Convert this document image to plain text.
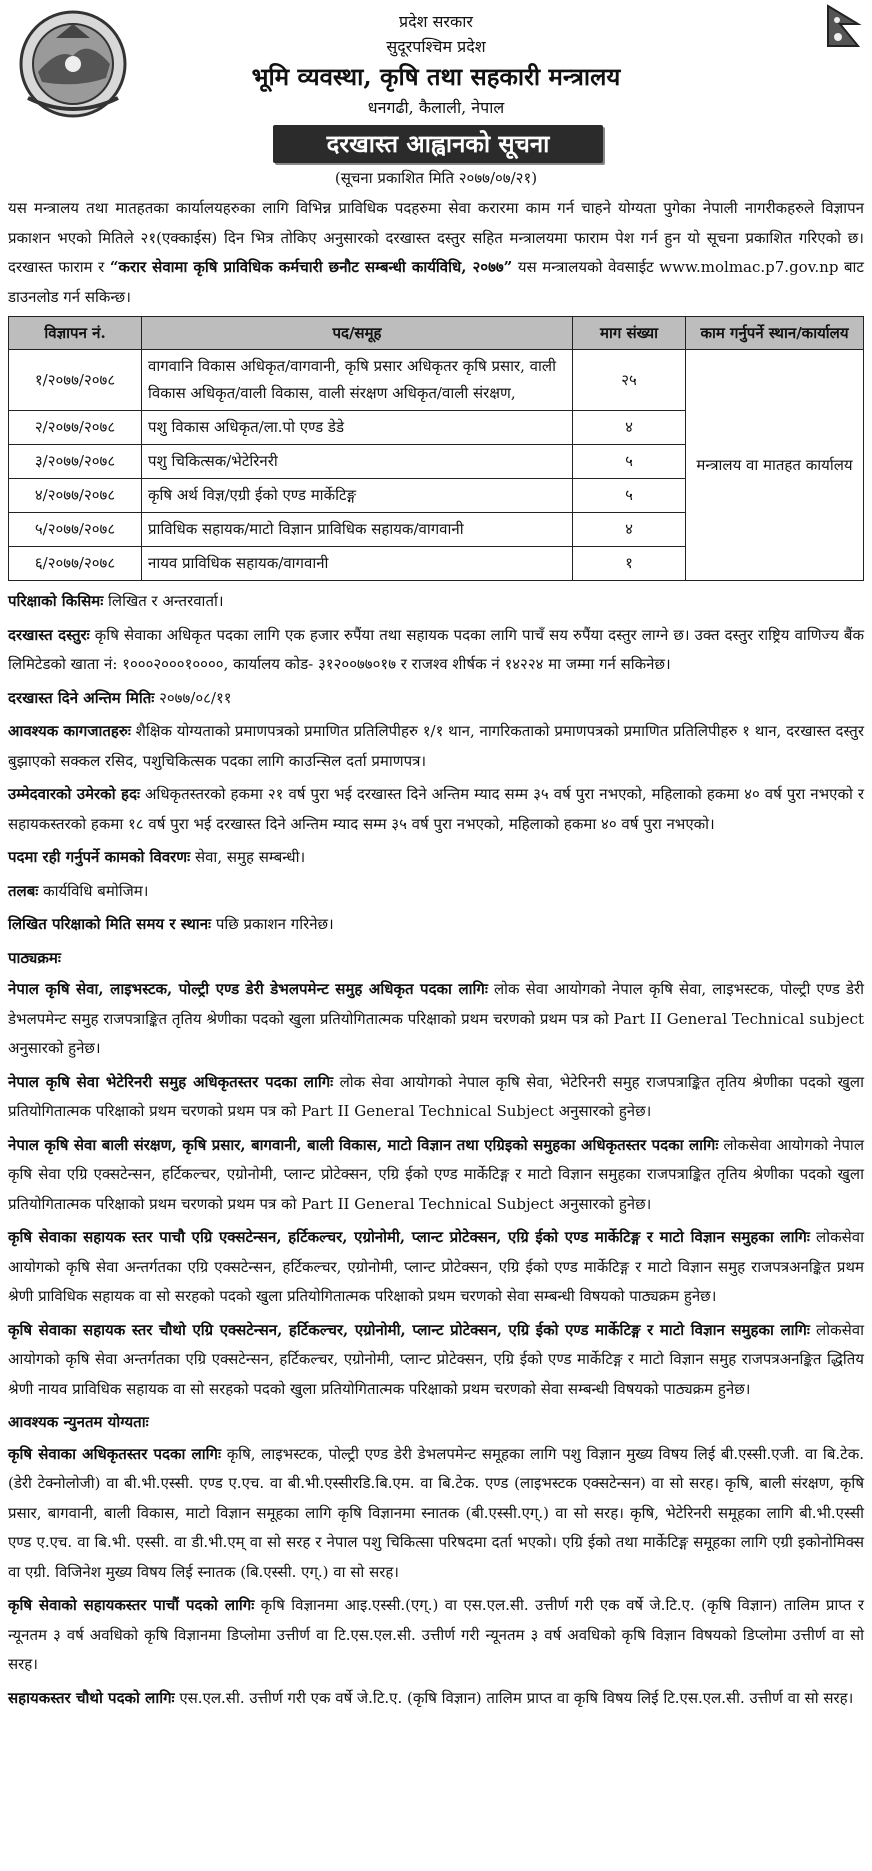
प्रदेश सरकार
सुदूरपश्चिम प्रदेश
भूमि व्यवस्था, कृषि तथा सहकारी मन्त्रालय
धनगढी, कैलाली, नेपाल
दरखास्त आह्वानको सूचना
(सूचना प्रकाशित मिति २०७७/०७/२१)

यस मन्त्रालय तथा मातहतका कार्यालयहरुका लागि विभिन्न प्राविधिक पदहरुमा सेवा करारमा काम गर्न चाहने योग्यता पुगेका नेपाली नागरीकहरुले विज्ञापन प्रकाशन भएको मितिले २१(एक्काईस) दिन भित्र तोकिए अनुसारको दरखास्त दस्तुर सहित मन्त्रालयमा फाराम पेश गर्न हुन यो सूचना प्रकाशित गरिएको छ। दरखास्त फाराम र “करार सेवामा कृषि प्राविधिक कर्मचारी छनौट सम्बन्धी कार्यविधि, २०७७” यस मन्त्रालयको वेवसाईट www.molmac.p7.gov.np बाट डाउनलोड गर्न सकिन्छ।

विज्ञापन नं.	पद/समूह	माग संख्या	काम गर्नुपर्ने स्थान/कार्यालय
१/२०७७/२०७८	वागवानि विकास अधिकृत/वागवानी, कृषि प्रसार अधिकृतर कृषि प्रसार, वाली विकास अधिकृत/वाली विकास, वाली संरक्षण अधिकृत/वाली संरक्षण,	२५	मन्त्रालय वा मातहत कार्यालय
२/२०७७/२०७८	पशु विकास अधिकृत/ला.पो एण्ड डेडे	४	
३/२०७७/२०७८	पशु चिकित्सक/भेटेरिनरी	५	
४/२०७७/२०७८	कृषि अर्थ विज्ञ/एग्री ईको एण्ड मार्केटिङ्ग	५	
५/२०७७/२०७८	प्राविधिक सहायक/माटो विज्ञान प्राविधिक सहायक/वागवानी	४	
६/२०७७/२०७८	नायव प्राविधिक सहायक/वागवानी	१	

परिक्षाको किसिमः लिखित र अन्तरवार्ता।

दरखास्त दस्तुरः कृषि सेवाका अधिकृत पदका लागि एक हजार रुपैंया तथा सहायक पदका लागि पाचँ सय रुपैंया दस्तुर लाग्ने छ। उक्त दस्तुर राष्ट्रिय वाणिज्य बैंक लिमिटेडको खाता नं: १०००२०००१००००, कार्यालय कोड- ३१२००७७०१७ र राजश्व शीर्षक नं १४२२४ मा जम्मा गर्न सकिनेछ।

दरखास्त दिने अन्तिम मितिः २०७७/०८/११

आवश्यक कागजातहरुः शैक्षिक योग्यताको प्रमाणपत्रको प्रमाणित प्रतिलिपीहरु १/१ थान, नागरिकताको प्रमाणपत्रको प्रमाणित प्रतिलिपीहरु १ थान, दरखास्त दस्तुर बुझाएको सक्कल रसिद, पशुचिकित्सक पदका लागि काउन्सिल दर्ता प्रमाणपत्र।

उम्मेदवारको उमेरको हदः अधिकृतस्तरको हकमा २१ वर्ष पुरा भई दरखास्त दिने अन्तिम म्याद सम्म ३५ वर्ष पुरा नभएको, महिलाको हकमा ४० वर्ष पुरा नभएको र सहायकस्तरको हकमा १८ वर्ष पुरा भई दरखास्त दिने अन्तिम म्याद सम्म ३५ वर्ष पुरा नभएको, महिलाको हकमा ४० वर्ष पुरा नभएको।

पदमा रही गर्नुपर्ने कामको विवरणः सेवा, समुह सम्बन्धी।

तलबः कार्यविधि बमोजिम।

लिखित परिक्षाको मिति समय र स्थानः पछि प्रकाशन गरिनेछ।

पाठ्यक्रमः

नेपाल कृषि सेवा, लाइभस्टक, पोल्ट्री एण्ड डेरी डेभलपमेन्ट समुह अधिकृत पदका लागिः लोक सेवा आयोगको नेपाल कृषि सेवा, लाइभस्टक, पोल्ट्री एण्ड डेरी डेभलपमेन्ट समुह राजपत्राङ्कित तृतिय श्रेणीका पदको खुला प्रतियोगितात्मक परिक्षाको प्रथम चरणको प्रथम पत्र को Part II General Technical subject अनुसारको हुनेछ।

नेपाल कृषि सेवा भेटेरिनरी समुह अधिकृतस्तर पदका लागिः लोक सेवा आयोगको नेपाल कृषि सेवा, भेटेरिनरी समुह राजपत्राङ्कित तृतिय श्रेणीका पदको खुला प्रतियोगितात्मक परिक्षाको प्रथम चरणको प्रथम पत्र को Part II General Technical Subject अनुसारको हुनेछ।

नेपाल कृषि सेवा बाली संरक्षण, कृषि प्रसार, बागवानी, बाली विकास, माटो विज्ञान तथा एग्रिइको समुहका अधिकृतस्तर पदका लागिः लोकसेवा आयोगको नेपाल कृषि सेवा एग्रि एक्सटेन्सन, हर्टिकल्चर, एग्रोनोमी, प्लान्ट प्रोटेक्सन, एग्रि ईको एण्ड मार्केटिङ्ग र माटो विज्ञान समुहका राजपत्राङ्कित तृतिय श्रेणीका पदको खुला प्रतियोगितात्मक परिक्षाको प्रथम चरणको प्रथम पत्र को Part II General Technical Subject अनुसारको हुनेछ।

कृषि सेवाका सहायक स्तर पाचौ एग्रि एक्सटेन्सन, हर्टिकल्चर, एग्रोनोमी, प्लान्ट प्रोटेक्सन, एग्रि ईको एण्ड मार्केटिङ्ग र माटो विज्ञान समुहका लागिः लोकसेवा आयोगको कृषि सेवा अन्तर्गतका एग्रि एक्सटेन्सन, हर्टिकल्चर, एग्रोनोमी, प्लान्ट प्रोटेक्सन, एग्रि ईको एण्ड मार्केटिङ्ग र माटो विज्ञान समुह राजपत्रअनङ्कित प्रथम श्रेणी प्राविधिक सहायक वा सो सरहको पदको खुला प्रतियोगितात्मक परिक्षाको प्रथम चरणको सेवा सम्बन्धी विषयको पाठ्यक्रम हुनेछ।

कृषि सेवाका सहायक स्तर चौथो एग्रि एक्सटेन्सन, हर्टिकल्चर, एग्रोनोमी, प्लान्ट प्रोटेक्सन, एग्रि ईको एण्ड मार्केटिङ्ग र माटो विज्ञान समुहका लागिः लोकसेवा आयोगको कृषि सेवा अन्तर्गतका एग्रि एक्सटेन्सन, हर्टिकल्चर, एग्रोनोमी, प्लान्ट प्रोटेक्सन, एग्रि ईको एण्ड मार्केटिङ्ग र माटो विज्ञान समुह राजपत्रअनङ्कित द्धितिय श्रेणी नायव प्राविधिक सहायक वा सो सरहको पदको खुला प्रतियोगितात्मक परिक्षाको प्रथम चरणको सेवा सम्बन्धी विषयको पाठ्यक्रम हुनेछ।

आवश्यक न्युनतम योग्यताः

कृषि सेवाका अधिकृतस्तर पदका लागिः कृषि, लाइभस्टक, पोल्ट्री एण्ड डेरी डेभलपमेन्ट समूहका लागि पशु विज्ञान मुख्य विषय लिई बी.एस्सी.एजी. वा बि.टेक.(डेरी टेक्नोलोजी) वा बी.भी.एस्सी. एण्ड ए.एच. वा बी.भी.एस्सीरडि.बि.एम. वा बि.टेक. एण्ड (लाइभस्टक एक्सटेन्सन) वा सो सरह। कृषि, बाली संरक्षण, कृषि प्रसार, बागवानी, बाली विकास, माटो विज्ञान समूहका लागि कृषि विज्ञानमा स्नातक (बी.एस्सी.एग्.) वा सो सरह। कृषि, भेटेरिनरी समूहका लागि बी.भी.एस्सी एण्ड ए.एच. वा बि.भी. एस्सी. वा डी.भी.एम् वा सो सरह र नेपाल पशु चिकित्सा परिषदमा दर्ता भएको। एग्रि ईको तथा मार्केटिङ्ग समूहका लागि एग्री इकोनोमिक्स वा एग्री. विजिनेश मुख्य विषय लिई स्नातक (बि.एस्सी. एग्.) वा सो सरह।

कृषि सेवाको सहायकस्तर पाचौं पदको लागिः कृषि विज्ञानमा आइ.एस्सी.(एग्.) वा एस.एल.सी. उत्तीर्ण गरी एक वर्षे जे.टि.ए. (कृषि विज्ञान) तालिम प्राप्त र न्यूनतम ३ वर्ष अवधिको कृषि विज्ञानमा डिप्लोमा उत्तीर्ण वा टि.एस.एल.सी. उत्तीर्ण गरी न्यूनतम ३ वर्ष अवधिको कृषि विज्ञान विषयको डिप्लोमा उत्तीर्ण वा सो सरह।

सहायकस्तर चौथो पदको लागिः एस.एल.सी. उत्तीर्ण गरी एक वर्षे जे.टि.ए. (कृषि विज्ञान) तालिम प्राप्त वा कृषि विषय लिई टि.एस.एल.सी. उत्तीर्ण वा सो सरह।
